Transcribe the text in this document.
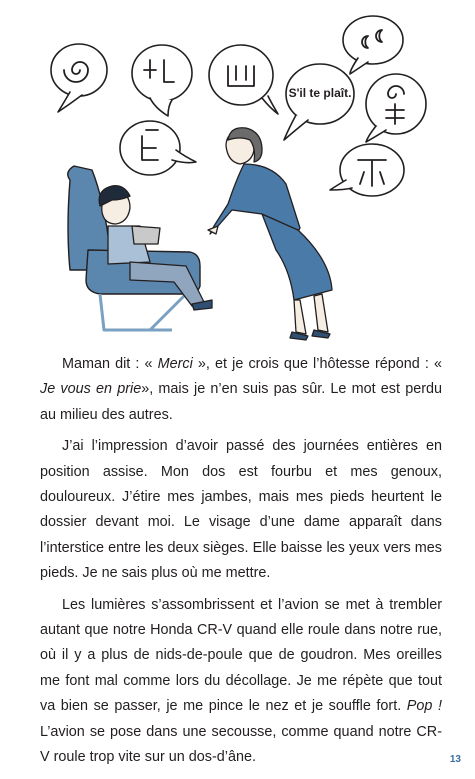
S'il te plaît.

Maman dit : « Merci », et je crois que l’hôtesse répond : « Je vous en prie», mais je n’en suis pas sûr. Le mot est perdu au milieu des autres.

J’ai l’impression d’avoir passé des journées entières en position assise. Mon dos est fourbu et mes genoux, douloureux. J’étire mes jambes, mais mes pieds heurtent le dossier devant moi. Le visage d’une dame apparaît dans l’interstice entre les deux sièges. Elle baisse les yeux vers mes pieds. Je ne sais plus où me mettre.

Les lumières s’assombrissent et l’avion se met à trembler autant que notre Honda CR-V quand elle roule dans notre rue, où il y a plus de nids-de-poule que de goudron. Mes oreilles me font mal comme lors du décollage. Je me répète que tout va bien se passer, je me pince le nez et je souffle fort. Pop ! L’avion se pose dans une secousse, comme quand notre CR-V roule trop vite sur un dos-d’âne.	13
